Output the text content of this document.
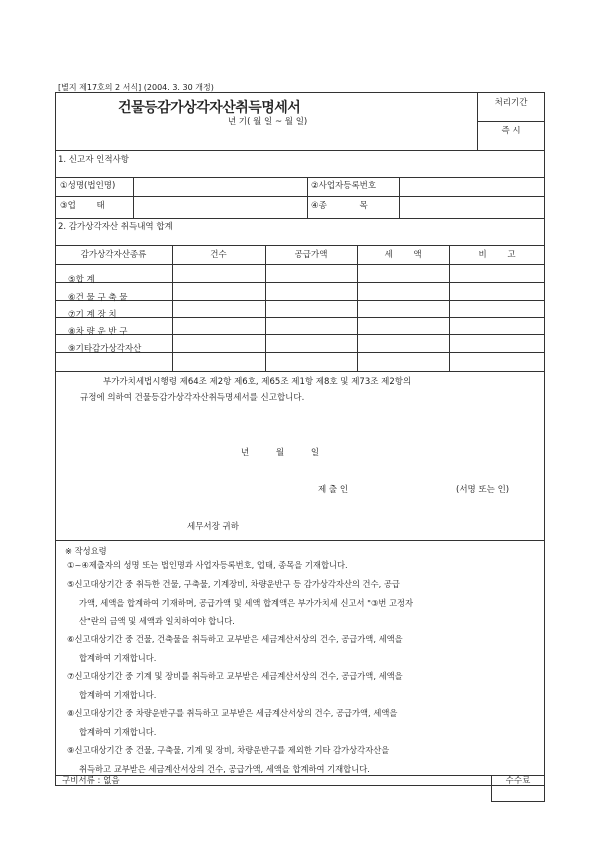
[별지 제17호의 2 서식] (2004. 3. 30 개정)
건물등감가상각자산취득명세서
년 기( 월 일 ~ 월 일)
처리기간
즉 시
1. 신고자 인적사항
①성명(법인명)	②사업자등록번호
③업 태	④종 목
2. 감가상각자산 취득내역 합계
감가상각자산종류	건수	공급가액	세 액	비 고
⑤합 계
⑥건 물 구 축 물
⑦기 계 장 치
⑧차 량 운 반 구
⑨기타감가상각자산
부가가치세법시행령 제64조 제2항 제6호, 제65조 제1항 제8호 및 제73조 제2항의
규정에 의하여 건물등감가상각자산취득명세서를 신고합니다.
년 월 일
제 출 인	(서명 또는 인)
세무서장 귀하

※ 작성요령

①~④제출자의 성명 또는 법인명과 사업자등록번호, 업태, 종목을 기재합니다.

⑤신고대상기간 중 취득한 건물, 구축물, 기계장비, 차량운반구 등 감가상각자산의 건수, 공급

가액, 세액을 합계하여 기재하며, 공급가액 및 세액 합계액은 부가가치세 신고서 "③번 고정자

산"란의 금액 및 세액과 일치하여야 합니다.

⑥신고대상기간 중 건물, 건축물을 취득하고 교부받은 세금계산서상의 건수, 공급가액, 세액을

합계하여 기재합니다.

⑦신고대상기간 중 기계 및 장비를 취득하고 교부받은 세금계산서상의 건수, 공급가액, 세액을

합계하여 기재합니다.

⑧신고대상기간 중 차량운반구를 취득하고 교부받은 세금계산서상의 건수, 공급가액, 세액을

합계하여 기재합니다.

⑨신고대상기간 중 건물, 구축물, 기계 및 장비, 차량운반구를 제외한 기타 감가상각자산을

취득하고 교부받은 세금계산서상의 건수, 공급가액, 세액을 합계하여 기재합니다.

구비서류 : 없음	수수료
